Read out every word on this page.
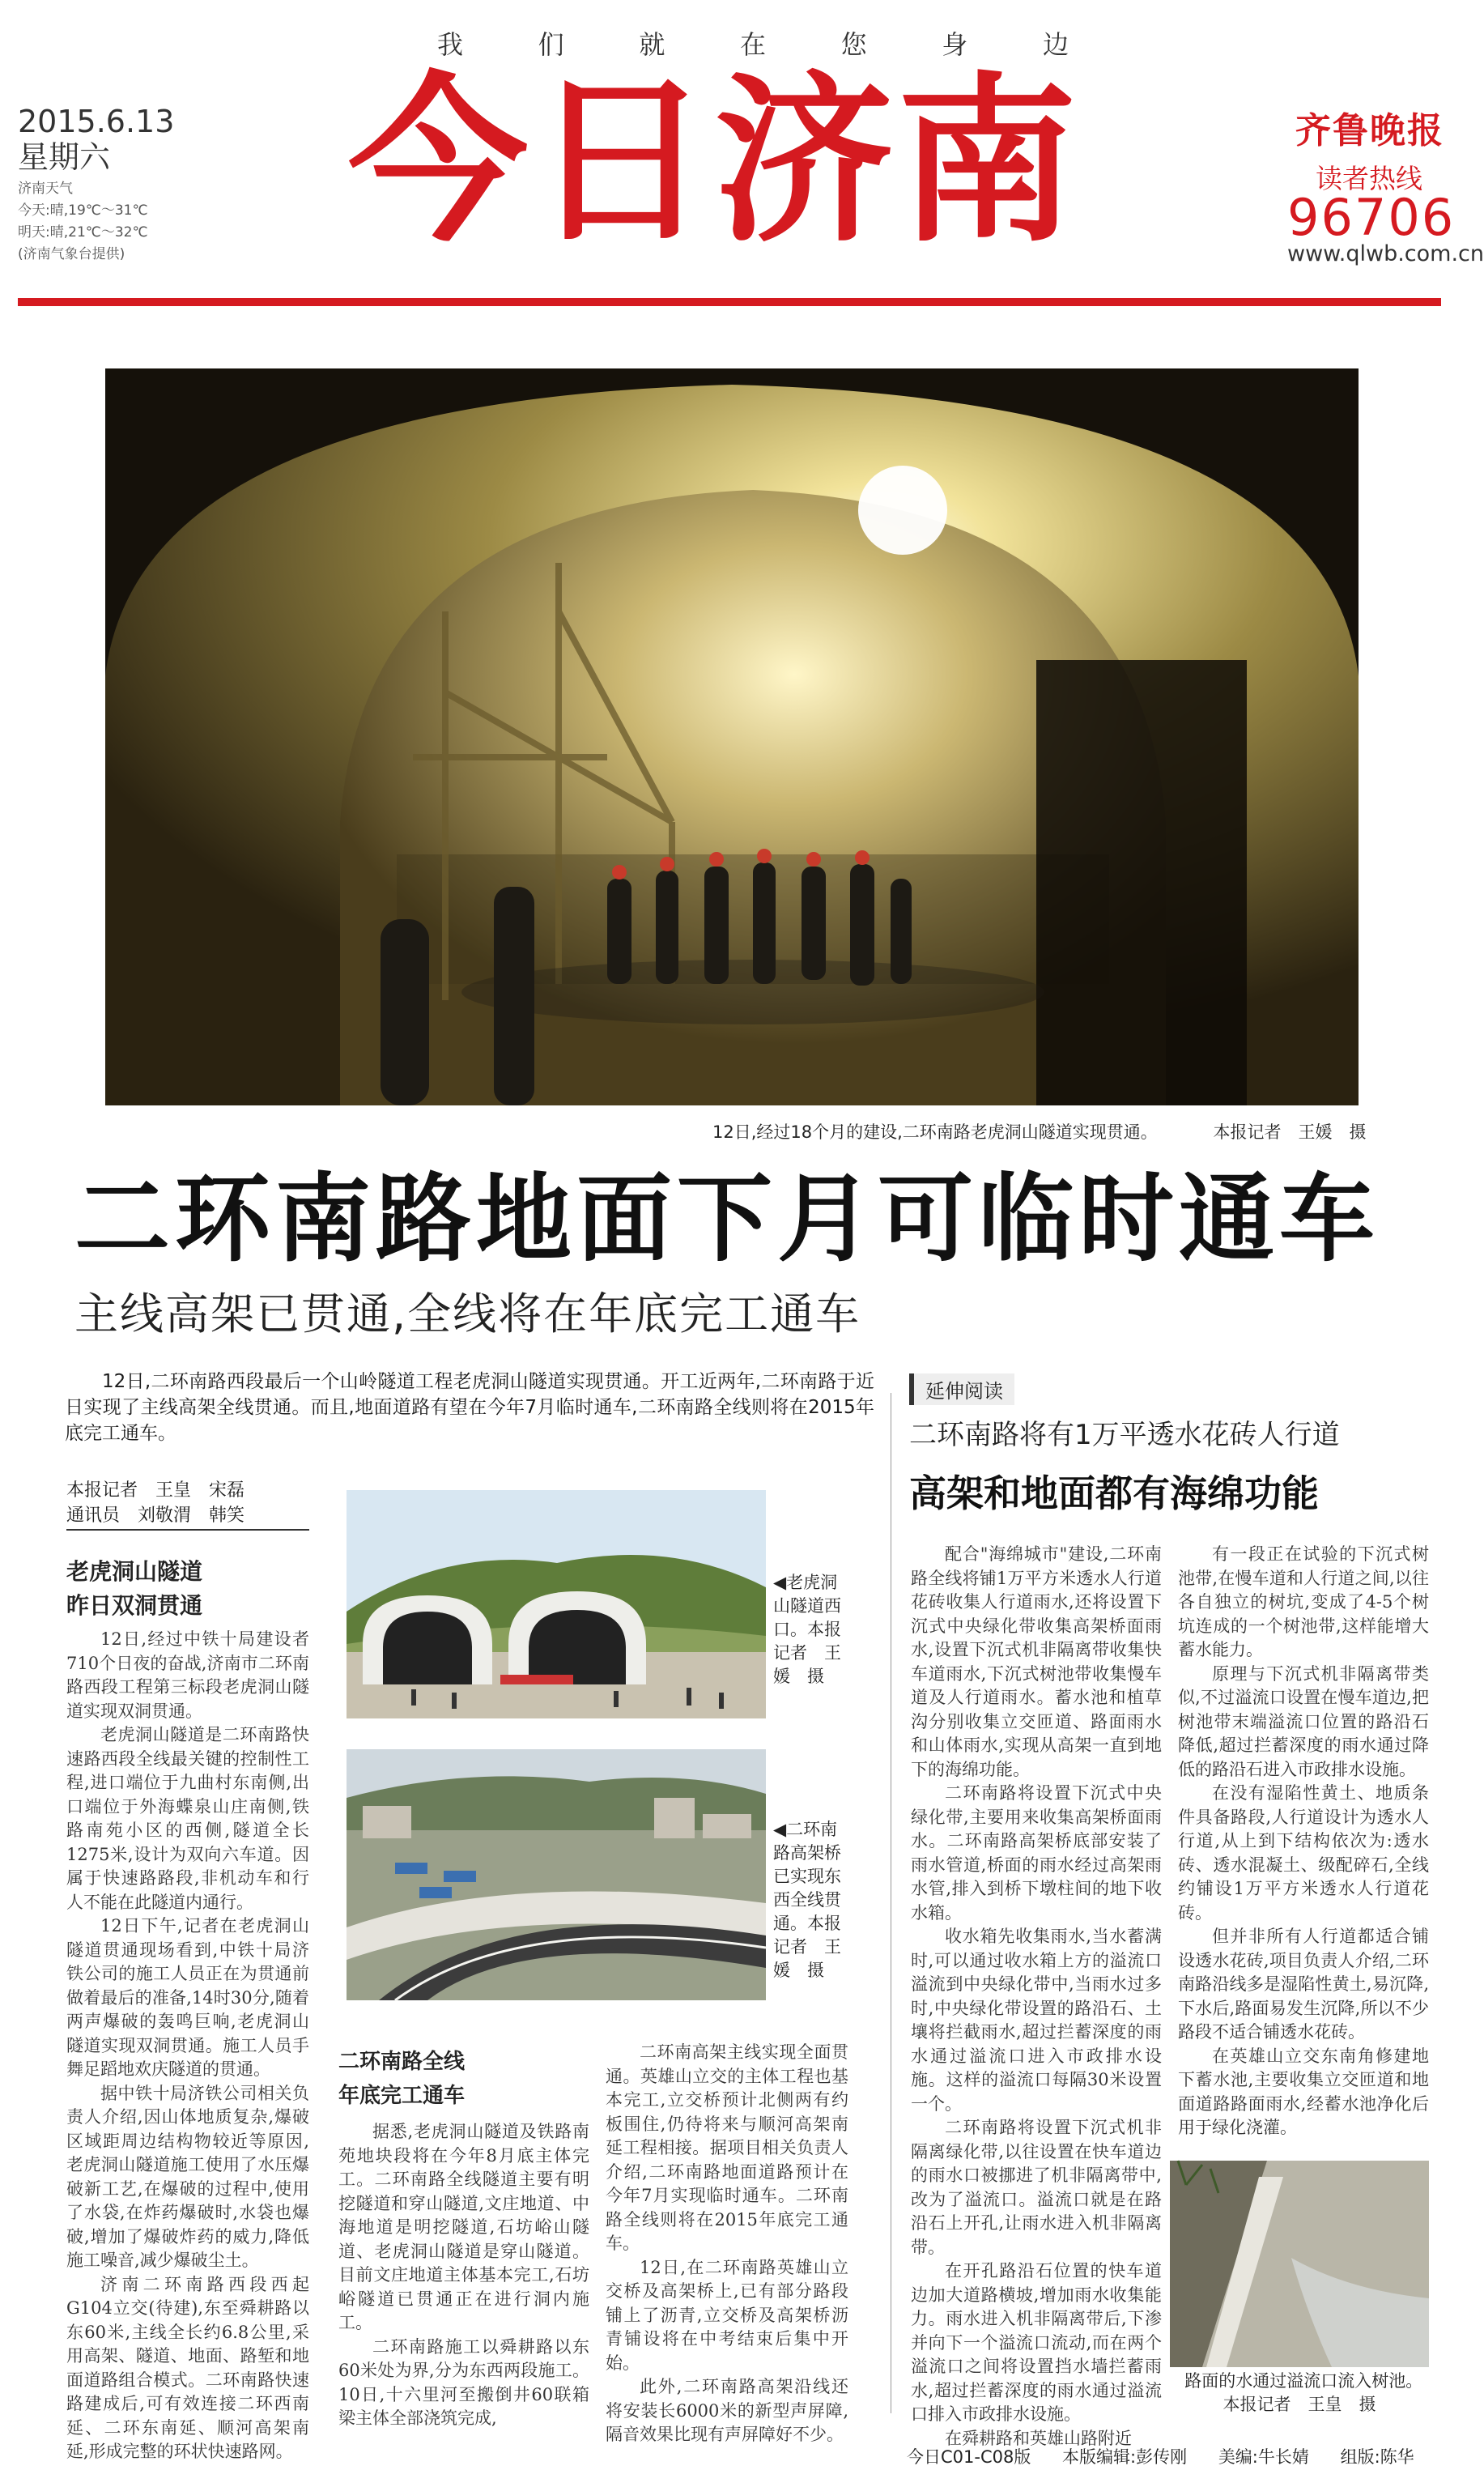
我	们	就	在	您	身	边
2015.6.13
星期六
济南天气
今天:晴,19℃～31℃
明天:晴,21℃～32℃
(济南气象台提供) 今日济南	齐鲁晚报
读者热线
96706
www.qlwb.com.cn
12日,经过18个月的建设,二环南路老虎洞山隧道实现贯通。	本报记者　王媛　摄
二环南路地面下月可临时通车
主线高架已贯通,全线将在年底完工通车
12日,二环南路西段最后一个山岭隧道工程老虎洞山隧道实现贯通。开工近两年,二环南路于近日实现了主线高架全线贯通。而且,地面道路有望在今年7月临时通车,二环南路全线则将在2015年底完工通车。
本报记者　王皇　宋磊
通讯员　刘敬渭　韩笑
老虎洞山隧道
昨日双洞贯通

12日,经过中铁十局建设者710个日夜的奋战,济南市二环南路西段工程第三标段老虎洞山隧道实现双洞贯通。

老虎洞山隧道是二环南路快速路西段全线最关键的控制性工程,进口端位于九曲村东南侧,出口端位于外海蝶泉山庄南侧,铁路南苑小区的西侧,隧道全长1275米,设计为双向六车道。因属于快速路路段,非机动车和行人不能在此隧道内通行。

12日下午,记者在老虎洞山隧道贯通现场看到,中铁十局济铁公司的施工人员正在为贯通前做着最后的准备,14时30分,随着两声爆破的轰鸣巨响,老虎洞山隧道实现双洞贯通。施工人员手舞足蹈地欢庆隧道的贯通。

据中铁十局济铁公司相关负责人介绍,因山体地质复杂,爆破区域距周边结构物较近等原因,老虎洞山隧道施工使用了水压爆破新工艺,在爆破的过程中,使用了水袋,在炸药爆破时,水袋也爆破,增加了爆破炸药的威力,降低施工噪音,减少爆破尘土。

济南二环南路西段西起G104立交(待建),东至舜耕路以东60米,主线全长约6.8公里,采用高架、隧道、地面、路堑和地面道路组合模式。二环南路快速路建成后,可有效连接二环西南延、二环东南延、顺河高架南延,形成完整的环状快速路网。

◀老虎洞山隧道西口。本报记者　王媛　摄
◀二环南路高架桥已实现东西全线贯通。本报记者　王媛　摄
二环南路全线
年底完工通车

据悉,老虎洞山隧道及铁路南苑地块段将在今年8月底主体完工。二环南路全线隧道主要有明挖隧道和穿山隧道,文庄地道、中海地道是明挖隧道,石坊峪山隧道、老虎洞山隧道是穿山隧道。目前文庄地道主体基本完工,石坊峪隧道已贯通正在进行洞内施工。

二环南路施工以舜耕路以东60米处为界,分为东西两段施工。10日,十六里河至搬倒井60联箱梁主体全部浇筑完成,

二环南高架主线实现全面贯通。英雄山立交的主体工程也基本完工,立交桥预计北侧两有约板围住,仍待将来与顺河高架南延工程相接。据项目相关负责人介绍,二环南路地面道路预计在今年7月实现临时通车。二环南路全线则将在2015年底完工通车。

12日,在二环南路英雄山立交桥及高架桥上,已有部分路段铺上了沥青,立交桥及高架桥沥青铺设将在中考结束后集中开始。

此外,二环南路高架沿线还将安装长6000米的新型声屏障,隔音效果比现有声屏障好不少。

延伸阅读
二环南路将有1万平透水花砖人行道
高架和地面都有海绵功能

配合"海绵城市"建设,二环南路全线将铺1万平方米透水人行道花砖收集人行道雨水,还将设置下沉式中央绿化带收集高架桥面雨水,设置下沉式机非隔离带收集快车道雨水,下沉式树池带收集慢车道及人行道雨水。蓄水池和植草沟分别收集立交匝道、路面雨水和山体雨水,实现从高架一直到地下的海绵功能。

二环南路将设置下沉式中央绿化带,主要用来收集高架桥面雨水。二环南路高架桥底部安装了雨水管道,桥面的雨水经过高架雨水管,排入到桥下墩柱间的地下收水箱。

收水箱先收集雨水,当水蓄满时,可以通过收水箱上方的溢流口溢流到中央绿化带中,当雨水过多时,中央绿化带设置的路沿石、土壤将拦截雨水,超过拦蓄深度的雨水通过溢流口进入市政排水设施。这样的溢流口每隔30米设置一个。

二环南路将设置下沉式机非隔离绿化带,以往设置在快车道边的雨水口被挪进了机非隔离带中,改为了溢流口。溢流口就是在路沿石上开孔,让雨水进入机非隔离带。

在开孔路沿石位置的快车道边加大道路横坡,增加雨水收集能力。雨水进入机非隔离带后,下渗并向下一个溢流口流动,而在两个溢流口之间将设置挡水墙拦蓄雨水,超过拦蓄深度的雨水通过溢流口排入市政排水设施。

在舜耕路和英雄山路附近

有一段正在试验的下沉式树池带,在慢车道和人行道之间,以往各自独立的树坑,变成了4-5个树坑连成的一个树池带,这样能增大蓄水能力。

原理与下沉式机非隔离带类似,不过溢流口设置在慢车道边,把树池带末端溢流口位置的路沿石降低,超过拦蓄深度的雨水通过降低的路沿石进入市政排水设施。

在没有湿陷性黄土、地质条件具备路段,人行道设计为透水人行道,从上到下结构依次为:透水砖、透水混凝土、级配碎石,全线约铺设1万平方米透水人行道花砖。

但并非所有人行道都适合铺设透水花砖,项目负责人介绍,二环南路沿线多是湿陷性黄土,易沉降,下水后,路面易发生沉降,所以不少路段不适合铺透水花砖。

在英雄山立交东南角修建地下蓄水池,主要收集立交匝道和地面道路路面雨水,经蓄水池净化后用于绿化浇灌。

路面的水通过溢流口流入树池。　本报记者　王皇　摄
今日C01-C08版 本版编辑:彭传刚 美编:牛长婧 组版:陈华
